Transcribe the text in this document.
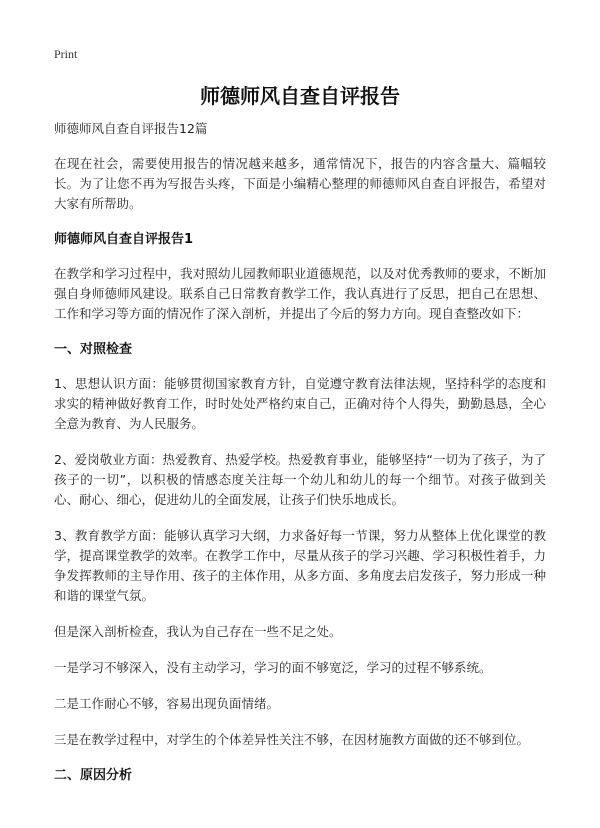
Print
师德师风自查自评报告
师德师风自查自评报告12篇
在现在社会，需要使用报告的情况越来越多，通常情况下，报告的内容含量大、篇幅较长。为了让您不再为写报告头疼，下面是小编精心整理的师德师风自查自评报告，希望对大家有所帮助。
师德师风自查自评报告1
在教学和学习过程中，我对照幼儿园教师职业道德规范，以及对优秀教师的要求，不断加强自身师德师风建设。联系自己日常教育教学工作，我认真进行了反思，把自己在思想、工作和学习等方面的情况作了深入剖析，并提出了今后的努力方向。现自查整改如下：
一、对照检查
1、思想认识方面：能够贯彻国家教育方针，自觉遵守教育法律法规，坚持科学的态度和求实的精神做好教育工作，时时处处严格约束自己，正确对待个人得失，勤勤恳恳，全心全意为教育、为人民服务。
2、爱岗敬业方面：热爱教育、热爱学校。热爱教育事业，能够坚持“一切为了孩子，为了孩子的一切”，以积极的情感态度关注每一个幼儿和幼儿的每一个细节。对孩子做到关心、耐心、细心，促进幼儿的全面发展，让孩子们快乐地成长。
3、教育教学方面：能够认真学习大纲，力求备好每一节课，努力从整体上优化课堂的教学，提高课堂教学的效率。在教学工作中，尽量从孩子的学习兴趣、学习积极性着手，力争发挥教师的主导作用、孩子的主体作用，从多方面、多角度去启发孩子，努力形成一种和谐的课堂气氛。
但是深入剖析检查，我认为自己存在一些不足之处。
一是学习不够深入，没有主动学习，学习的面不够宽泛，学习的过程不够系统。
二是工作耐心不够，容易出现负面情绪。
三是在教学过程中，对学生的个体差异性关注不够，在因材施教方面做的还不够到位。
二、原因分析
